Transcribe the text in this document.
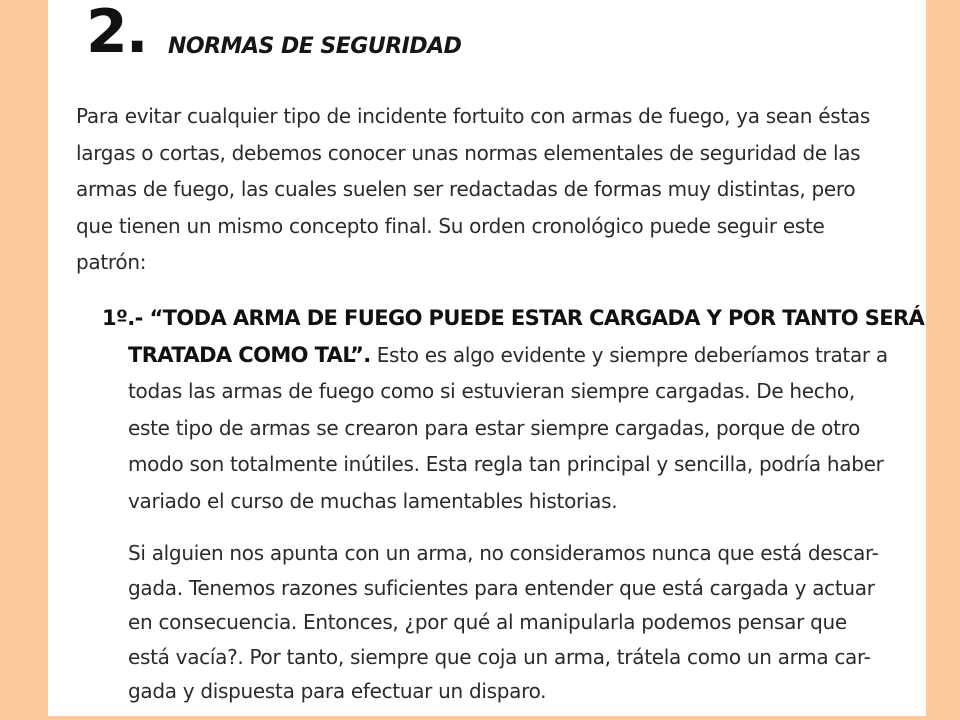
2. NORMAS DE SEGURIDAD
Para evitar cualquier tipo de incidente fortuito con armas de fuego, ya sean éstas
largas o cortas, debemos conocer unas normas elementales de seguridad de las
armas de fuego, las cuales suelen ser redactadas de formas muy distintas, pero
que tienen un mismo concepto final. Su orden cronológico puede seguir este
patrón:
1º.- “TODA ARMA DE FUEGO PUEDE ESTAR CARGADA Y POR TANTO SERÁ
TRATADA COMO TAL”. Esto es algo evidente y siempre deberíamos tratar a
todas las armas de fuego como si estuvieran siempre cargadas. De hecho,
este tipo de armas se crearon para estar siempre cargadas, porque de otro
modo son totalmente inútiles. Esta regla tan principal y sencilla, podría haber
variado el curso de muchas lamentables historias.
Si alguien nos apunta con un arma, no consideramos nunca que está descar-
gada. Tenemos razones suficientes para entender que está cargada y actuar
en consecuencia. Entonces, ¿por qué al manipularla podemos pensar que
está vacía?. Por tanto, siempre que coja un arma, trátela como un arma car-
gada y dispuesta para efectuar un disparo.
